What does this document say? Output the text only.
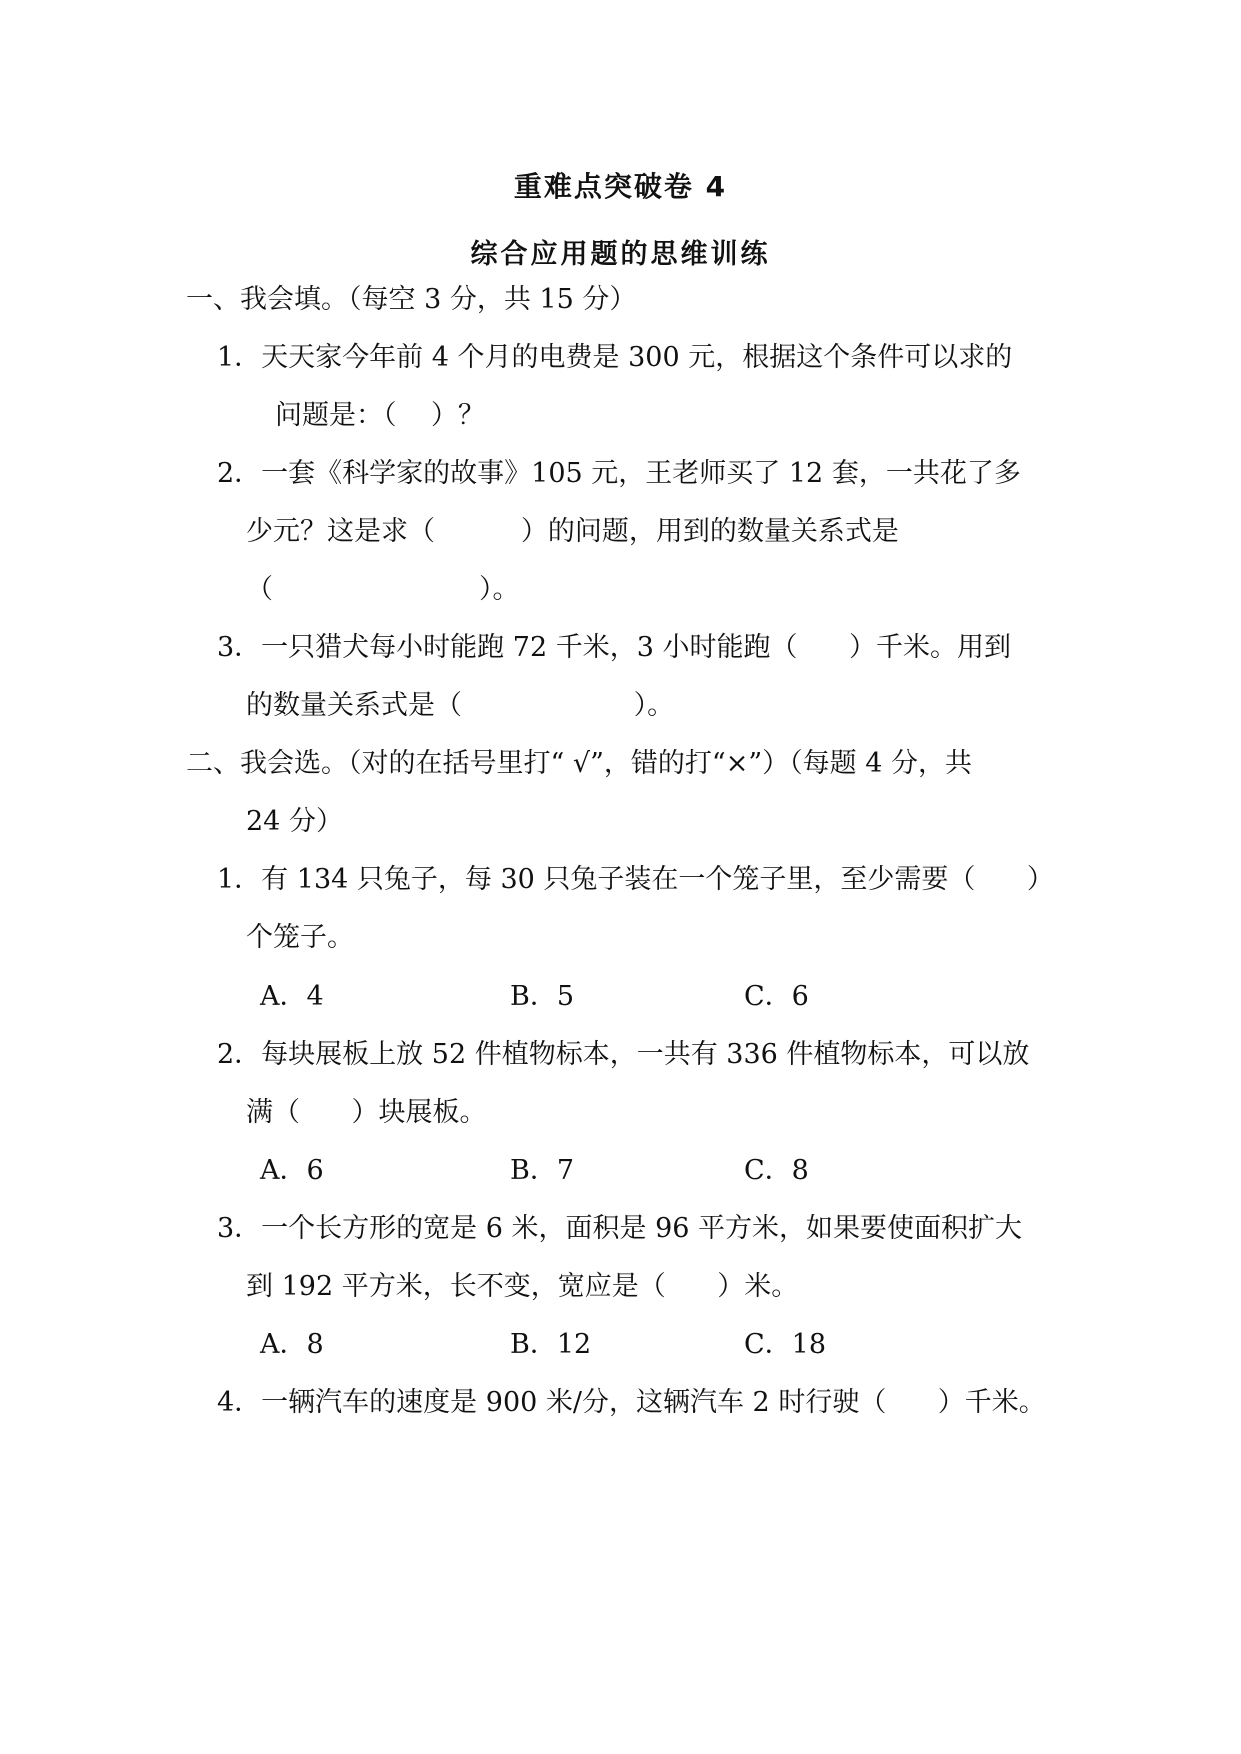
重难点突破卷 4
综合应用题的思维训练
一、我会填。（每空 3 分，共 15 分）
1．天天家今年前 4 个月的电费是 300 元，根据这个条件可以求的
问题是：（    ）？
2．一套《科学家的故事》105 元，王老师买了 12 套，一共花了多
少元？这是求（          ）的问题，用到的数量关系式是
（                        ）。
3．一只猎犬每小时能跑 72 千米，3 小时能跑（      ）千米。用到
的数量关系式是（                    ）。
二、我会选。（对的在括号里打“ √”，错的打“×”）（每题 4 分，共
24 分）
1．有 134 只兔子，每 30 只兔子装在一个笼子里，至少需要（      ）
个笼子。
A．4	B．5	C．6
2．每块展板上放 52 件植物标本，一共有 336 件植物标本，可以放
满（      ）块展板。
A．6	B．7	C．8
3．一个长方形的宽是 6 米，面积是 96 平方米，如果要使面积扩大
到 192 平方米，长不变，宽应是（      ）米。
A．8	B．12	C．18
4．一辆汽车的速度是 900 米/分，这辆汽车 2 时行驶（      ）千米。
